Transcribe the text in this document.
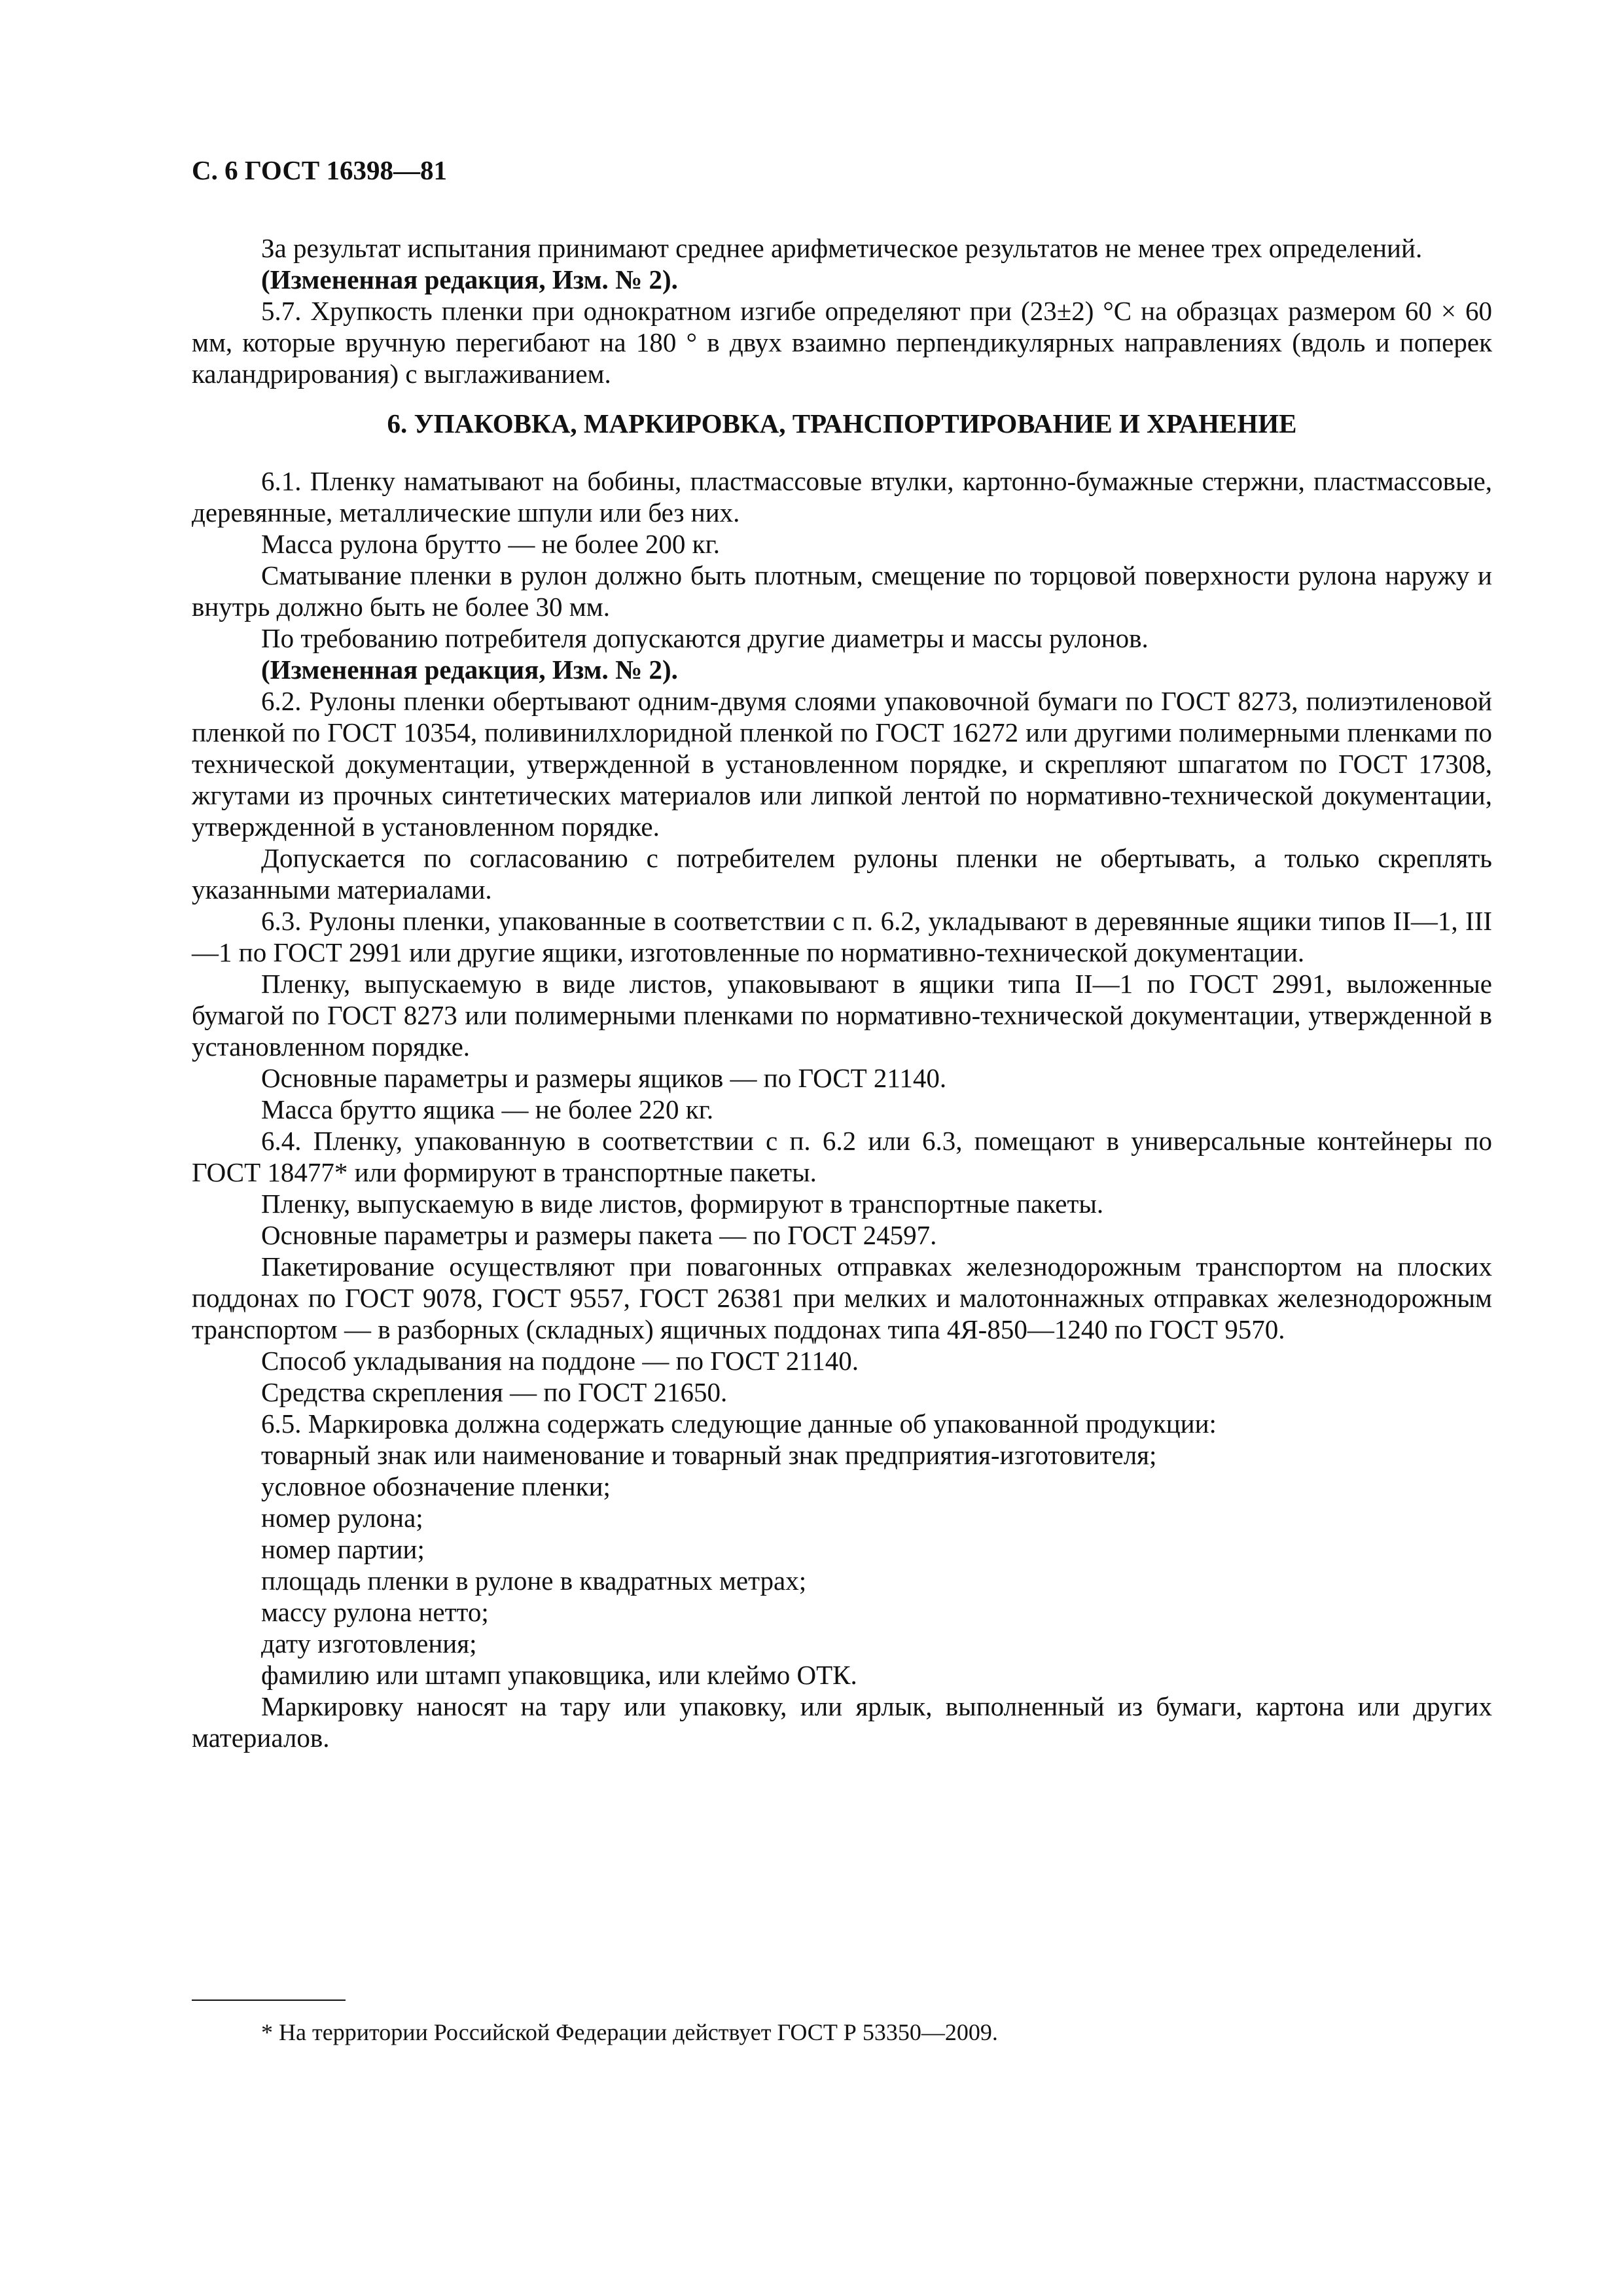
С. 6 ГОСТ 16398—81

За результат испытания принимают среднее арифметическое результатов не менее трех определений.

(Измененная редакция, Изм. № 2).

5.7. Хрупкость пленки при однократном изгибе определяют при (23±2) °С на образцах размером 60 × 60 мм, которые вручную перегибают на 180 ° в двух взаимно перпендикулярных направлениях (вдоль и поперек каландрирования) с выглаживанием.

6. УПАКОВКА, МАРКИРОВКА, ТРАНСПОРТИРОВАНИЕ И ХРАНЕНИЕ

6.1. Пленку наматывают на бобины, пластмассовые втулки, картонно-бумажные стержни, пластмассовые, деревянные, металлические шпули или без них.

Масса рулона брутто — не более 200 кг.

Сматывание пленки в рулон должно быть плотным, смещение по торцовой поверхности рулона наружу и внутрь должно быть не более 30 мм.

По требованию потребителя допускаются другие диаметры и массы рулонов.

(Измененная редакция, Изм. № 2).

6.2. Рулоны пленки обертывают одним-двумя слоями упаковочной бумаги по ГОСТ 8273, полиэтиленовой пленкой по ГОСТ 10354, поливинилхлоридной пленкой по ГОСТ 16272 или другими полимерными пленками по технической документации, утвержденной в установленном порядке, и скрепляют шпагатом по ГОСТ 17308, жгутами из прочных синтетических материалов или липкой лентой по нормативно-технической документации, утвержденной в установленном порядке.

Допускается по согласованию с потребителем рулоны пленки не обертывать, а только скреплять указанными материалами.

6.3. Рулоны пленки, упакованные в соответствии с п. 6.2, укладывают в деревянные ящики типов II—1, III—1 по ГОСТ 2991 или другие ящики, изготовленные по нормативно-технической документации.

Пленку, выпускаемую в виде листов, упаковывают в ящики типа II—1 по ГОСТ 2991, выложенные бумагой по ГОСТ 8273 или полимерными пленками по нормативно-технической документации, утвержденной в установленном порядке.

Основные параметры и размеры ящиков — по ГОСТ 21140.

Масса брутто ящика — не более 220 кг.

6.4. Пленку, упакованную в соответствии с п. 6.2 или 6.3, помещают в универсальные контейнеры по ГОСТ 18477* или формируют в транспортные пакеты.

Пленку, выпускаемую в виде листов, формируют в транспортные пакеты.

Основные параметры и размеры пакета — по ГОСТ 24597.

Пакетирование осуществляют при повагонных отправках железнодорожным транспортом на плоских поддонах по ГОСТ 9078, ГОСТ 9557, ГОСТ 26381 при мелких и малотоннажных отправках железнодорожным транспортом — в разборных (складных) ящичных поддонах типа 4Я-850—1240 по ГОСТ 9570.

Способ укладывания на поддоне — по ГОСТ 21140.

Средства скрепления — по ГОСТ 21650.

6.5. Маркировка должна содержать следующие данные об упакованной продукции:

товарный знак или наименование и товарный знак предприятия-изготовителя;

условное обозначение пленки;

номер рулона;

номер партии;

площадь пленки в рулоне в квадратных метрах;

массу рулона нетто;

дату изготовления;

фамилию или штамп упаковщика, или клеймо ОТК.

Маркировку наносят на тару или упаковку, или ярлык, выполненный из бумаги, картона или других материалов.

* На территории Российской Федерации действует ГОСТ Р 53350—2009.
